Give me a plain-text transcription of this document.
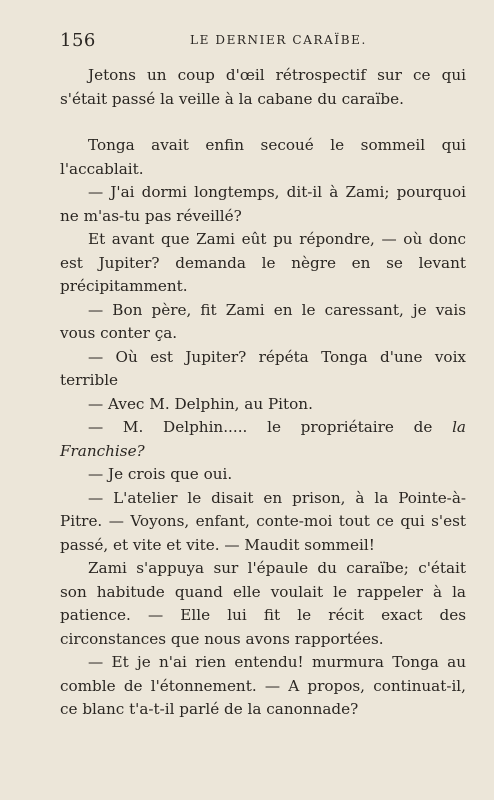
156	LE DERNIER CARAÏBE.

Jetons un coup d'œil rétrospectif sur ce qui s'était passé la veille à la cabane du caraïbe.

Tonga avait enfin secoué le sommeil qui l'accablait.

— J'ai dormi longtemps, dit-il à Zami; pourquoi ne m'as-tu pas réveillé?

Et avant que Zami eût pu répondre, — où donc est Jupiter? demanda le nègre en se levant précipitamment.

— Bon père, fit Zami en le caressant, je vais vous conter ça.

— Où est Jupiter? répéta Tonga d'une voix terrible

— Avec M. Delphin, au Piton.

— M. Delphin..... le propriétaire de la Franchise?

— Je crois que oui.

— L'atelier le disait en prison, à la Pointe-à-Pitre. — Voyons, enfant, conte-moi tout ce qui s'est passé, et vite et vite. — Maudit sommeil!

Zami s'appuya sur l'épaule du caraïbe; c'était son habitude quand elle voulait le rappeler à la patience. — Elle lui fit le récit exact des circonstances que nous avons rapportées.

— Et je n'ai rien entendu! murmura Tonga au comble de l'étonnement. — A propos, continuat-il, ce blanc t'a-t-il parlé de la canonnade?
